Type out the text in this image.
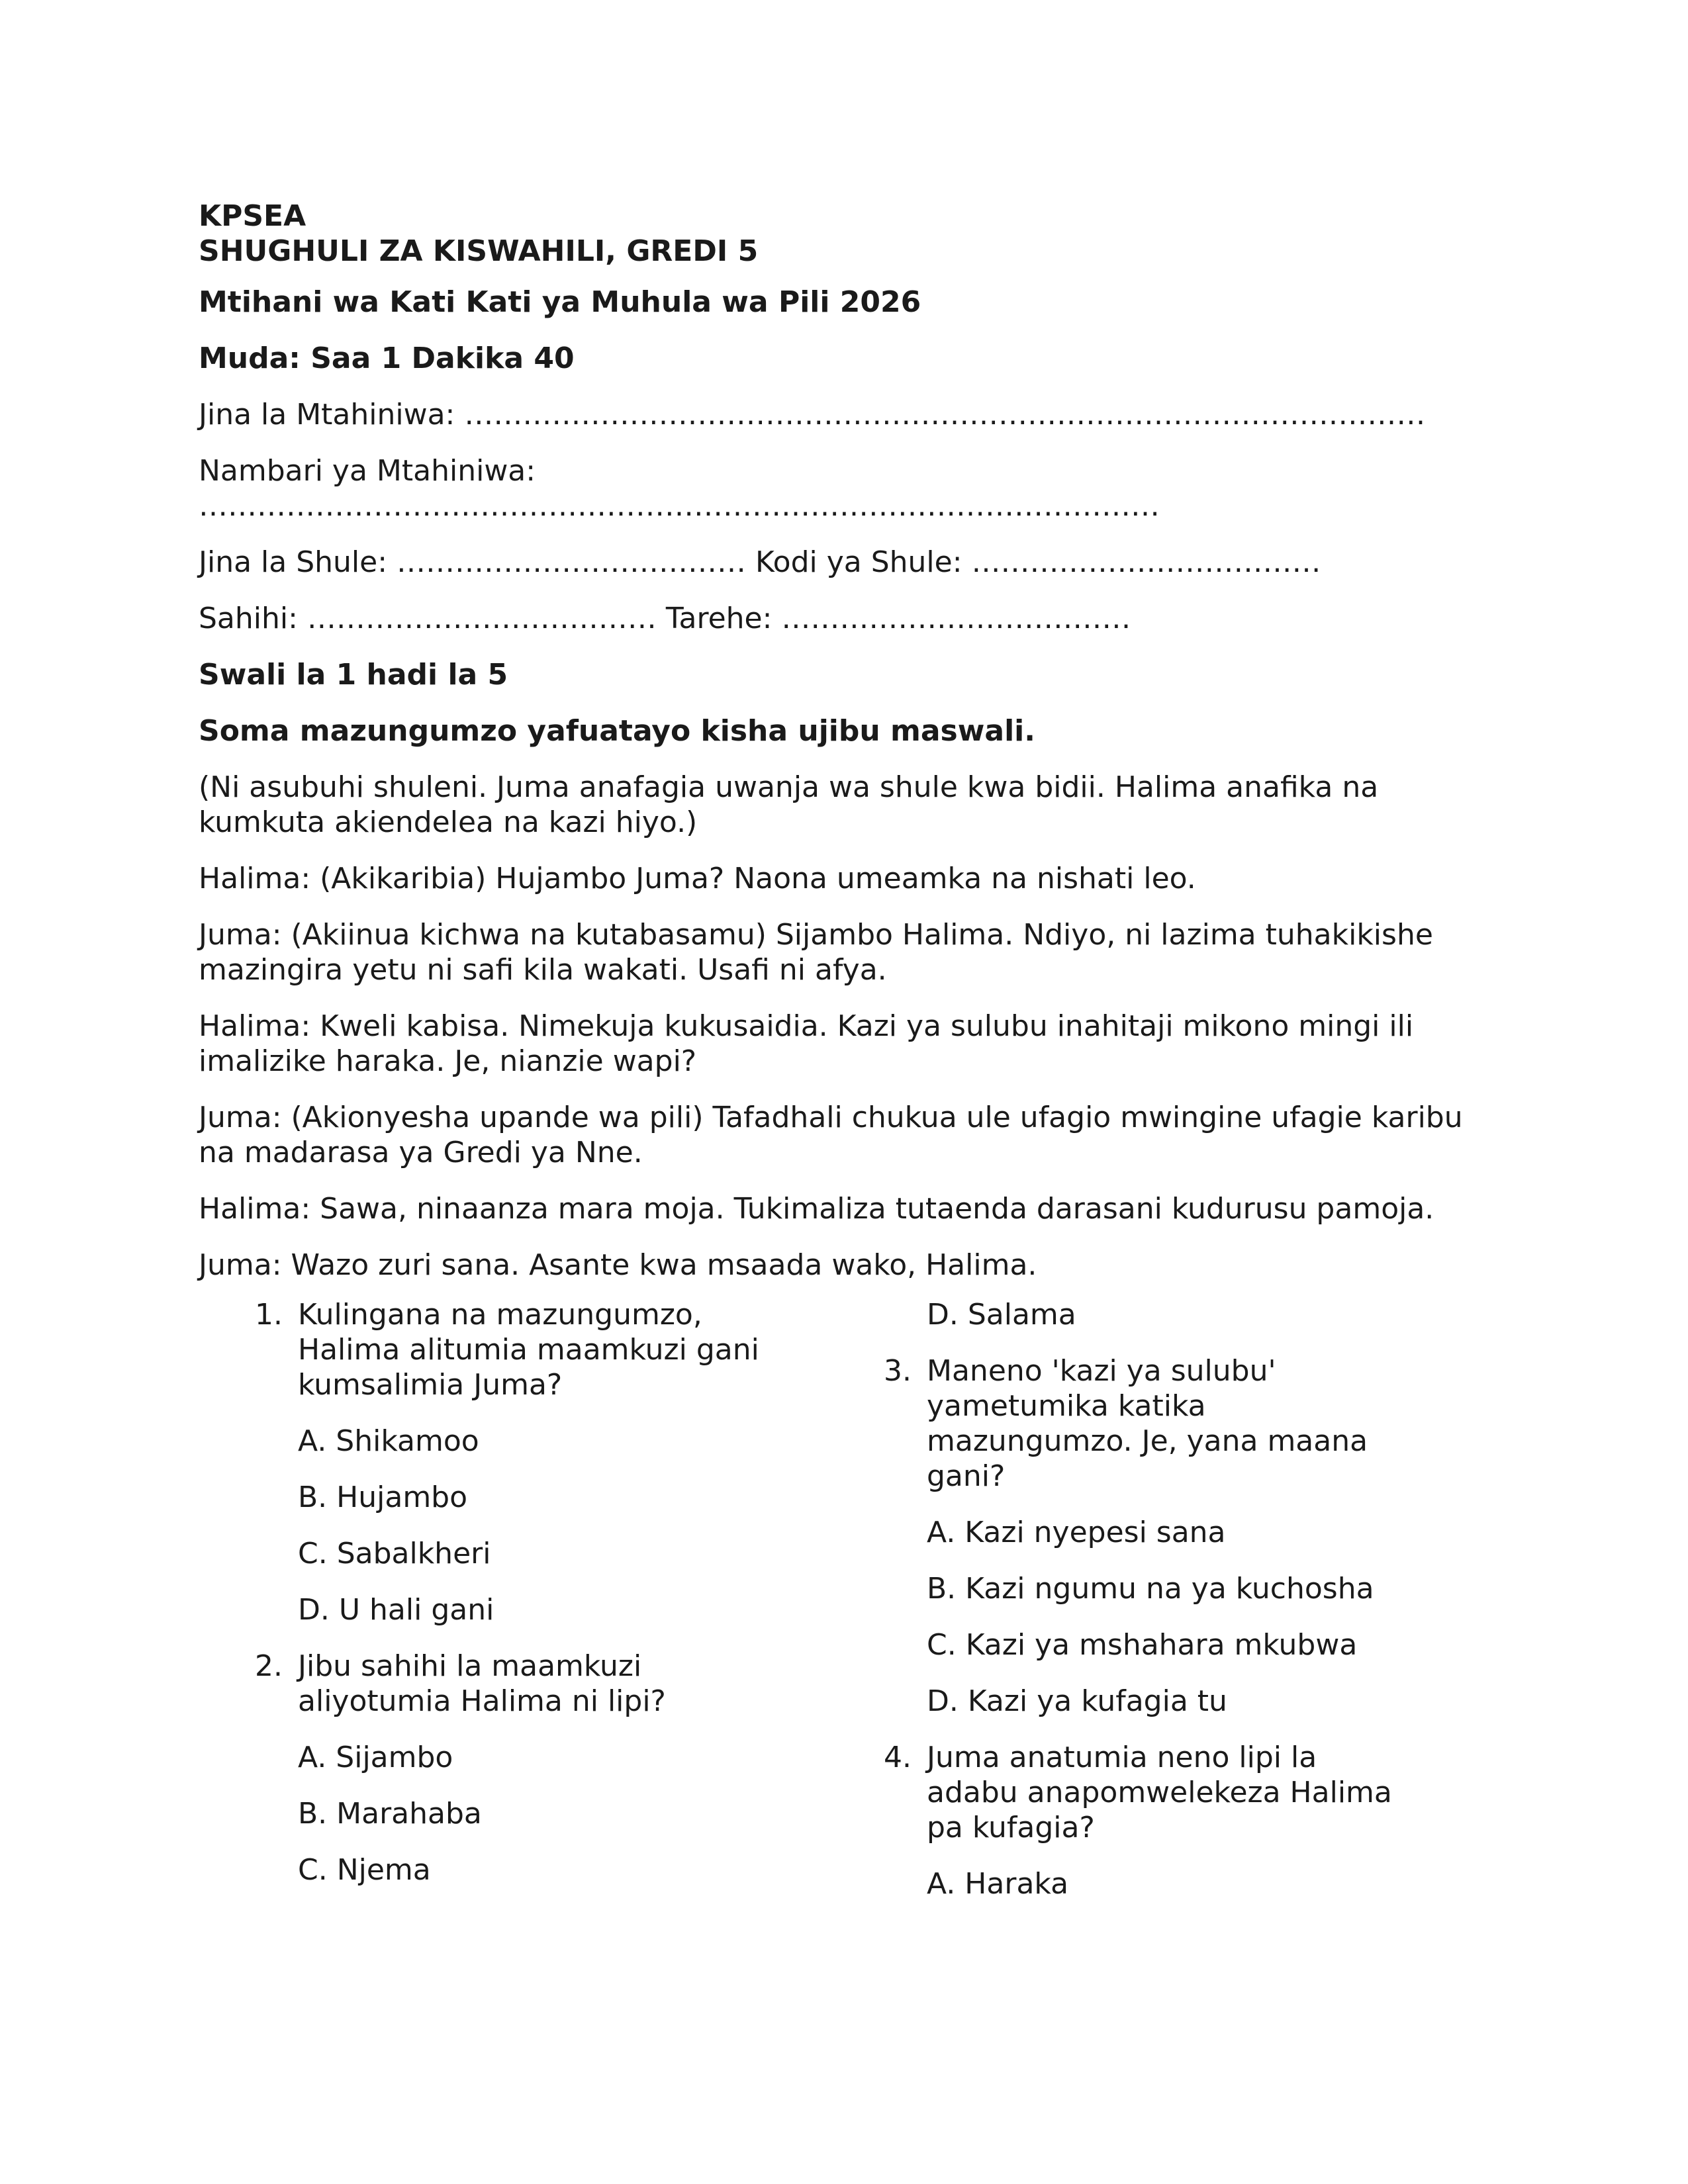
KPSEA

SHUGHULI ZA KISWAHILI, GREDI 5

Mtihani wa Kati Kati ya Muhula wa Pili 2026

Muda: Saa 1 Dakika 40

Jina la Mtahiniwa: ………………………………………………………………………………………

Nambari ya Mtahiniwa:
………………………………………………………………………………………

Jina la Shule: ……………………………… Kodi ya Shule: ………………………………

Sahihi: ……………………………… Tarehe: ………………………………

Swali la 1 hadi la 5

Soma mazungumzo yafuatayo kisha ujibu maswali.

(Ni asubuhi shuleni. Juma anafagia uwanja wa shule kwa bidii. Halima anafika na kumkuta akiendelea na kazi hiyo.)

Halima: (Akikaribia) Hujambo Juma? Naona umeamka na nishati leo.

Juma: (Akiinua kichwa na kutabasamu) Sijambo Halima. Ndiyo, ni lazima tuhakikishe mazingira yetu ni safi kila wakati. Usafi ni afya.

Halima: Kweli kabisa. Nimekuja kukusaidia. Kazi ya sulubu inahitaji mikono mingi ili imalizike haraka. Je, nianzie wapi?

Juma: (Akionyesha upande wa pili) Tafadhali chukua ule ufagio mwingine ufagie karibu na madarasa ya Gredi ya Nne.

Halima: Sawa, ninaanza mara moja. Tukimaliza tutaenda darasani kudurusu pamoja.

Juma: Wazo zuri sana. Asante kwa msaada wako, Halima.

1. Kulingana na mazungumzo, Halima alitumia maamkuzi gani kumsalimia Juma?
A. Shikamoo
B. Hujambo
C. Sabalkheri
D. U hali gani
2. Jibu sahihi la maamkuzi aliyotumia Halima ni lipi?
A. Sijambo
B. Marahaba
C. Njema
D. Salama
3. Maneno 'kazi ya sulubu' yametumika katika mazungumzo. Je, yana maana gani?
A. Kazi nyepesi sana
B. Kazi ngumu na ya kuchosha
C. Kazi ya mshahara mkubwa
D. Kazi ya kufagia tu
4. Juma anatumia neno lipi la adabu anapomwelekeza Halima pa kufagia?
A. Haraka
